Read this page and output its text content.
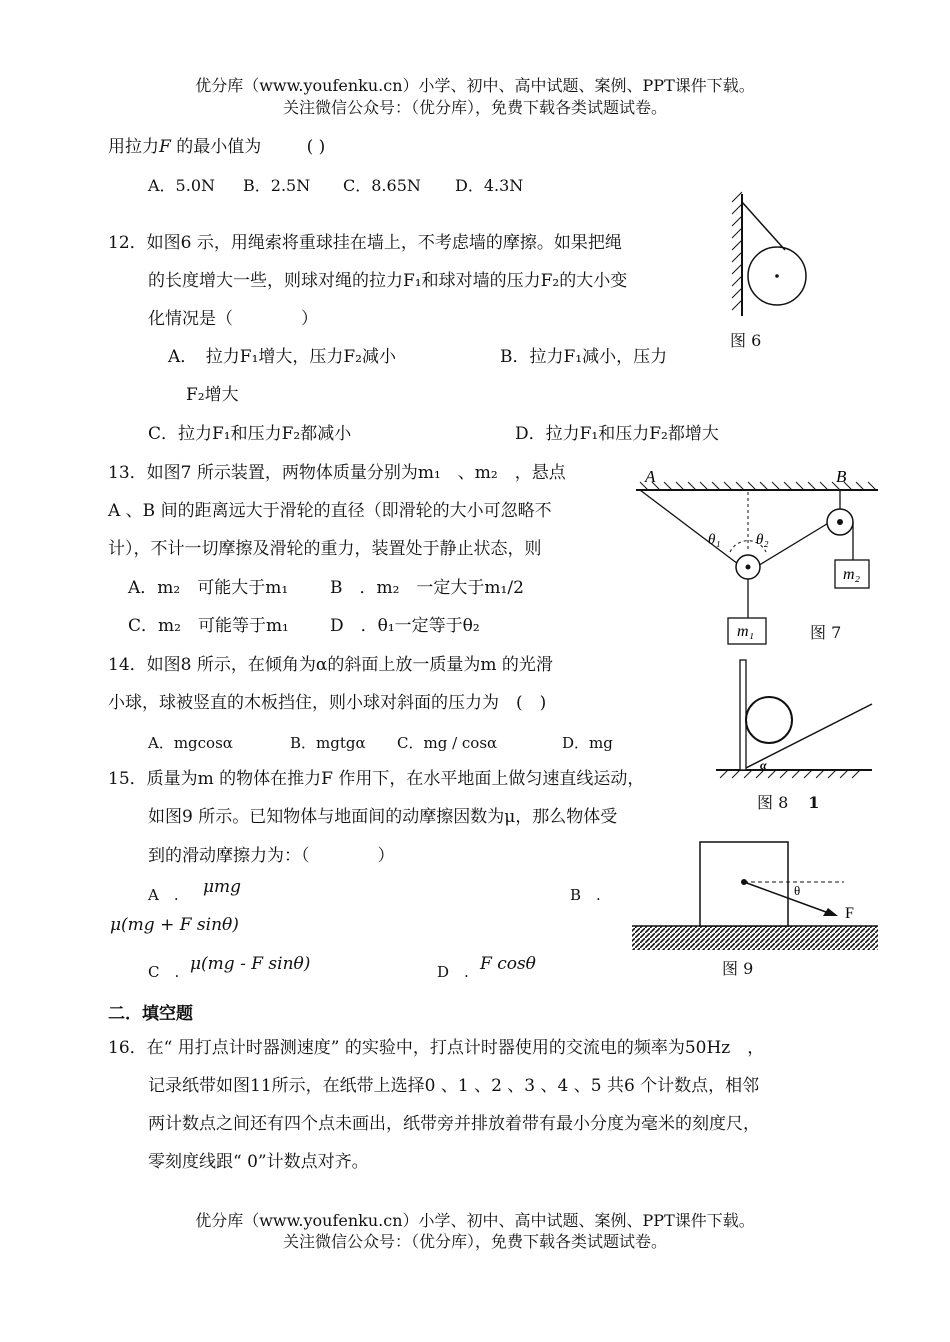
优分库（www.youfenku.cn）小学、初中、高中试题、案例、PPT课件下载。
关注微信公众号：（优分库），免费下载各类试题试卷。
用拉力F 的最小值为	( )
A．5.0N B．2.5N C．8.65N D．4.3N
12．如图6 示，用绳索将重球挂在墙上，不考虑墙的摩擦。如果把绳
的长度增大一些，则球对绳的拉力F₁和球对墙的压力F₂的大小变
化情况是（　　　　）
A．　拉力F₁增大，压力F₂减小	B．拉力F₁减小，压力
F₂增大
C．拉力F₁和压力F₂都减小	D．拉力F₁和压力F₂都增大
图 6
13．如图7 所示装置，两物体质量分别为m₁　、m₂　，悬点
A 、B 间的距离远大于滑轮的直径（即滑轮的大小可忽略不
计），不计一切摩擦及滑轮的重力，装置处于静止状态，则
A．m₂　可能大于m₁ B　．m₂　一定大于m₁/2
C．m₂　可能等于m₁ D　．θ₁一定等于θ₂
A	B
m₁
m₂
θ₁ θ₂
图 7
14．如图8 所示，在倾角为α的斜面上放一质量为m 的光滑
小球，球被竖直的木板挡住，则小球对斜面的压力为　(　)
A．mgcosα	B．mgtgα C．mg / cosα	D．mg
α
图 8 1
15．质量为m 的物体在推力F 作用下，在水平地面上做匀速直线运动，
如图9 所示。已知物体与地面间的动摩擦因数为μ，那么物体受
到的滑动摩擦力为：（　　　　）
A　. μmg	B　.
μ(mg + F sinθ)
C　. μ(mg - F sinθ)	D　. F cosθ
θ
F
图 9
二．填空题
16．在“ 用打点计时器测速度” 的实验中，打点计时器使用的交流电的频率为50Hz　，
记录纸带如图11所示，在纸带上选择0 、1 、2 、3 、4 、5 共6 个计数点，相邻
两计数点之间还有四个点未画出，纸带旁并排放着带有最小分度为毫米的刻度尺，
零刻度线跟“ 0”计数点对齐。
优分库（www.youfenku.cn）小学、初中、高中试题、案例、PPT课件下载。
关注微信公众号：（优分库），免费下载各类试题试卷。
